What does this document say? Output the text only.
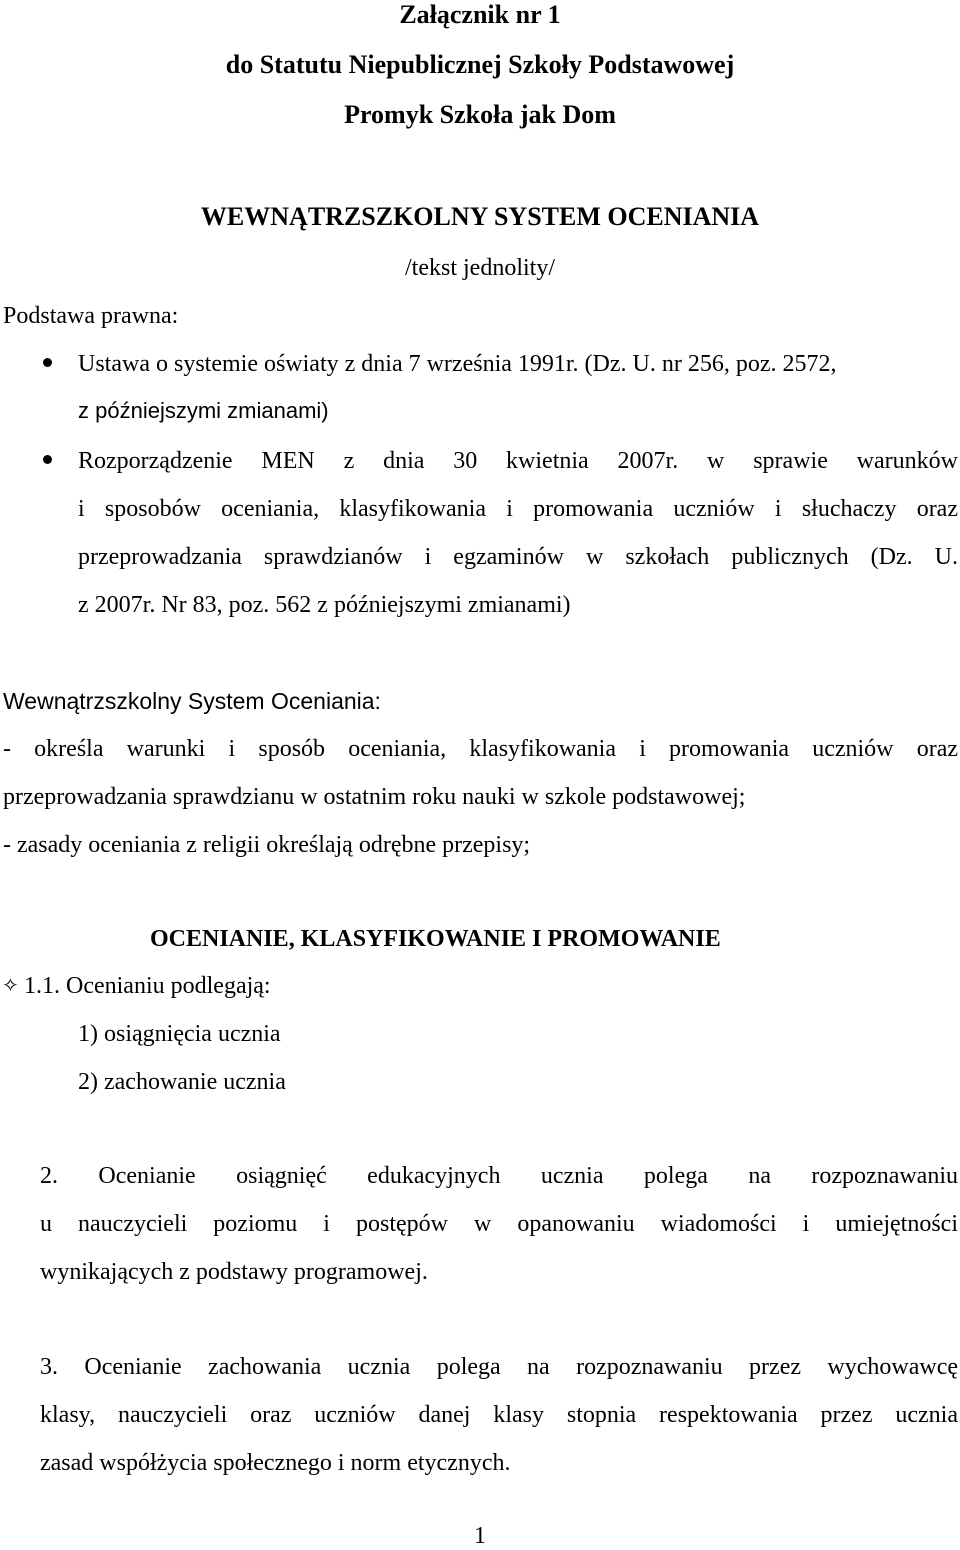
Załącznik nr 1
do Statutu Niepublicznej Szkoły Podstawowej
Promyk Szkoła jak Dom
WEWNĄTRZSZKOLNY SYSTEM OCENIANIA
/tekst jednolity/
Podstawa prawna:
Ustawa o systemie oświaty z dnia 7 września 1991r. (Dz. U. nr 256, poz. 2572,
z późniejszymi zmianami)
Rozporządzenie MEN z dnia 30 kwietnia 2007r. w sprawie warunków
i sposobów oceniania, klasyfikowania i promowania uczniów i słuchaczy oraz
przeprowadzania sprawdzianów i egzaminów w szkołach publicznych (Dz. U.
z 2007r. Nr 83, poz. 562 z późniejszymi zmianami)
Wewnątrzszkolny System Oceniania:
- określa warunki i sposób oceniania, klasyfikowania i promowania uczniów oraz
przeprowadzania sprawdzianu w ostatnim roku nauki w szkole podstawowej;
- zasady oceniania z religii określają odrębne przepisy;
OCENIANIE, KLASYFIKOWANIE I PROMOWANIE
✧ 1.1. Ocenianiu podlegają:
1) osiągnięcia ucznia
2) zachowanie ucznia
2. Ocenianie osiągnięć edukacyjnych ucznia polega na rozpoznawaniu
u nauczycieli poziomu i postępów w opanowaniu wiadomości i umiejętności
wynikających z podstawy programowej.
3. Ocenianie zachowania ucznia polega na rozpoznawaniu przez wychowawcę
klasy, nauczycieli oraz uczniów danej klasy stopnia respektowania przez ucznia
zasad współżycia społecznego i norm etycznych.
1
